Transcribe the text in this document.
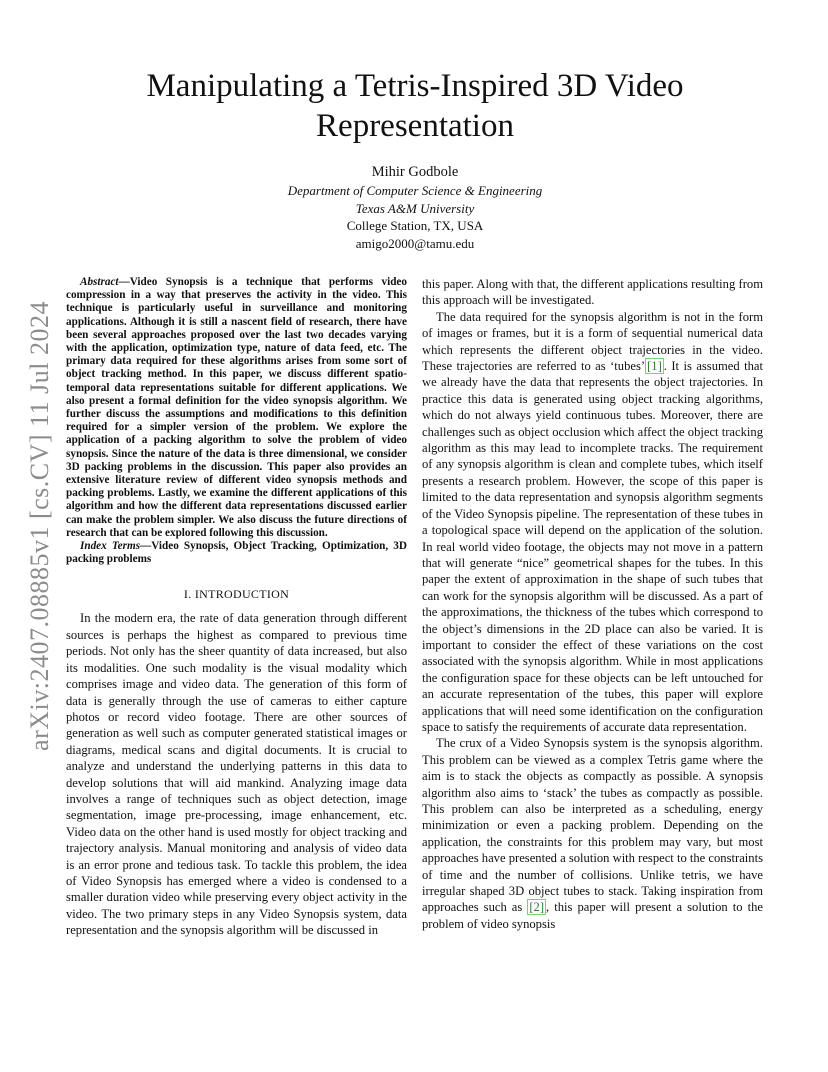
arXiv:2407.08885v1 [cs.CV] 11 Jul 2024
Manipulating a Tetris-Inspired 3D Video Representation
Mihir Godbole
Department of Computer Science & Engineering
Texas A&M University
College Station, TX, USA
amigo2000@tamu.edu

Abstract—Video Synopsis is a technique that performs video compression in a way that preserves the activity in the video. This technique is particularly useful in surveillance and monitoring applications. Although it is still a nascent field of research, there have been several approaches proposed over the last two decades varying with the application, optimization type, nature of data feed, etc. The primary data required for these algorithms arises from some sort of object tracking method. In this paper, we discuss different spatio-temporal data representations suitable for different applications. We also present a formal definition for the video synopsis algorithm. We further discuss the assumptions and modifications to this definition required for a simpler version of the problem. We explore the application of a packing algorithm to solve the problem of video synopsis. Since the nature of the data is three dimensional, we consider 3D packing problems in the discussion. This paper also provides an extensive literature review of different video synopsis methods and packing problems. Lastly, we examine the different applications of this algorithm and how the different data representations discussed earlier can make the problem simpler. We also discuss the future directions of research that can be explored following this discussion.

Index Terms—Video Synopsis, Object Tracking, Optimization, 3D packing problems

I. INTRODUCTION

In the modern era, the rate of data generation through different sources is perhaps the highest as compared to previous time periods. Not only has the sheer quantity of data increased, but also its modalities. One such modality is the visual modality which comprises image and video data. The generation of this form of data is generally through the use of cameras to either capture photos or record video footage. There are other sources of generation as well such as computer generated statistical images or diagrams, medical scans and digital documents. It is crucial to analyze and understand the underlying patterns in this data to develop solutions that will aid mankind. Analyzing image data involves a range of techniques such as object detection, image segmentation, image pre-processing, image enhancement, etc. Video data on the other hand is used mostly for object tracking and trajectory analysis. Manual monitoring and analysis of video data is an error prone and tedious task. To tackle this problem, the idea of Video Synopsis has emerged where a video is condensed to a smaller duration video while preserving every object activity in the video. The two primary steps in any Video Synopsis system, data representation and the synopsis algorithm will be discussed in

this paper. Along with that, the different applications resulting from this approach will be investigated.

The data required for the synopsis algorithm is not in the form of images or frames, but it is a form of sequential numerical data which represents the different object trajectories in the video. These trajectories are referred to as ‘tubes’ [1] . It is assumed that we already have the data that represents the object trajectories. In practice this data is generated using object tracking algorithms, which do not always yield continuous tubes. Moreover, there are challenges such as object occlusion which affect the object tracking algorithm as this may lead to incomplete tracks. The requirement of any synopsis algorithm is clean and complete tubes, which itself presents a research problem. However, the scope of this paper is limited to the data representation and synopsis algorithm segments of the Video Synopsis pipeline. The representation of these tubes in a topological space will depend on the application of the solution. In real world video footage, the objects may not move in a pattern that will generate “nice” geometrical shapes for the tubes. In this paper the extent of approximation in the shape of such tubes that can work for the synopsis algorithm will be discussed. As a part of the approximations, the thickness of the tubes which correspond to the object’s dimensions in the 2D place can also be varied. It is important to consider the effect of these variations on the cost associated with the synopsis algorithm. While in most applications the configuration space for these objects can be left untouched for an accurate representation of the tubes, this paper will explore applications that will need some identification on the configuration space to satisfy the requirements of accurate data representation.

The crux of a Video Synopsis system is the synopsis algorithm. This problem can be viewed as a complex Tetris game where the aim is to stack the objects as compactly as possible. A synopsis algorithm also aims to ‘stack’ the tubes as compactly as possible. This problem can also be interpreted as a scheduling, energy minimization or even a packing problem. Depending on the application, the constraints for this problem may vary, but most approaches have presented a solution with respect to the constraints of time and the number of collisions. Unlike tetris, we have irregular shaped 3D object tubes to stack. Taking inspiration from approaches such as [2] , this paper will present a solution to the problem of video synopsis
